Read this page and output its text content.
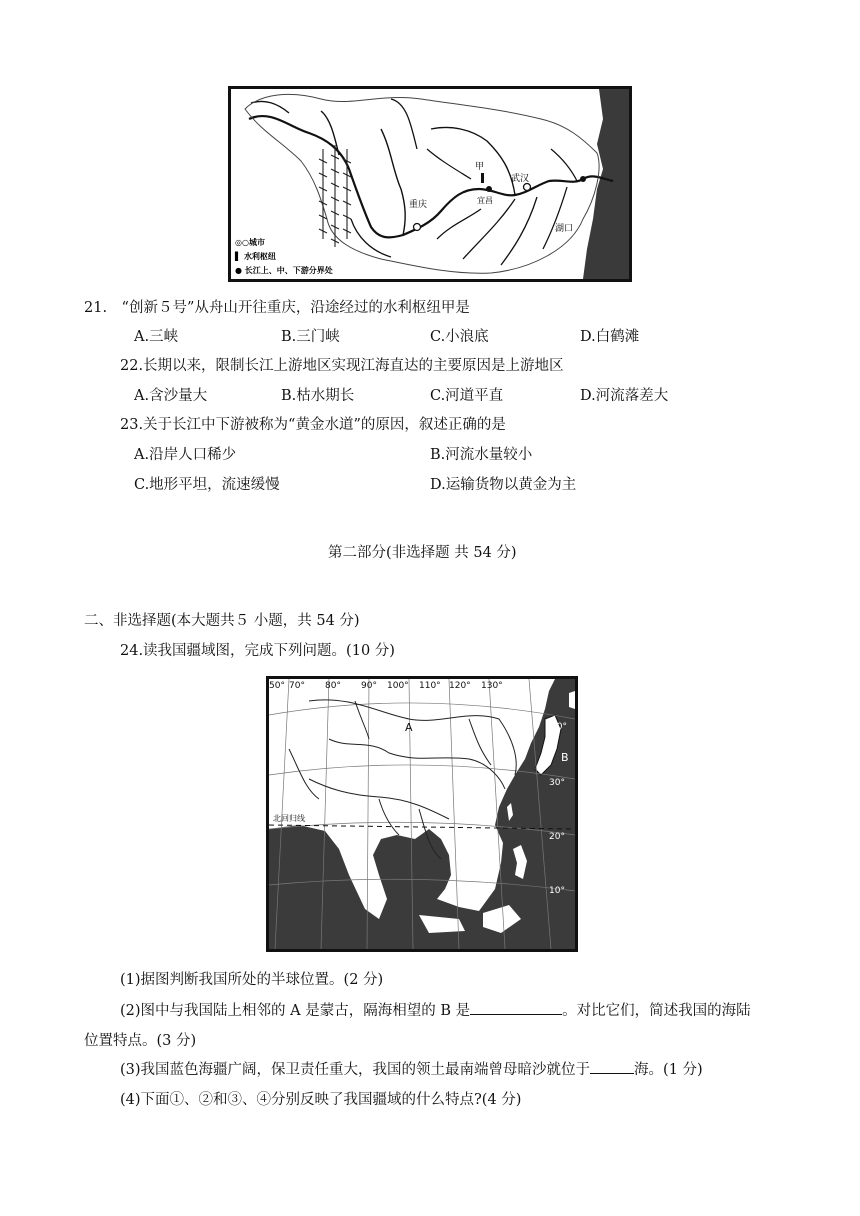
重庆
武汉
湖口
甲
宜昌
◎○城市
▌ 水利枢纽
● 长江上、中、下游分界处
21.　“创新５号”从舟山开往重庆，沿途经过的水利枢纽甲是
A.三峡	B.三门峡	C.小浪底	D.白鹤滩
22.长期以来，限制长江上游地区实现江海直达的主要原因是上游地区
A.含沙量大	B.枯水期长	C.河道平直	D.河流落差大
23.关于长江中下游被称为“黄金水道”的原因，叙述正确的是
A.沿岸人口稀少	B.河流水量较小
C.地形平坦，流速缓慢	D.运输货物以黄金为主
第二部分(非选择题 共 54 分)
二、非选择题(本大题共５ 小题，共 54 分)
24.读我国疆域图，完成下列问题。(10 分)
北回归线
A
B
50° 70° 80° 90° 100° 110° 120° 130°
40°
30°
20°
10°
(1)据图判断我国所处的半球位置。(2 分)
(2)图中与我国陆上相邻的 A 是蒙古，隔海相望的 B 是	。对比它们，简述我国的海陆
位置特点。(3 分)
(3)我国蓝色海疆广阔，保卫责任重大，我国的领土最南端曾母暗沙就位于	海。(1 分)
(4)下面①、②和③、④分别反映了我国疆域的什么特点?(4 分)
